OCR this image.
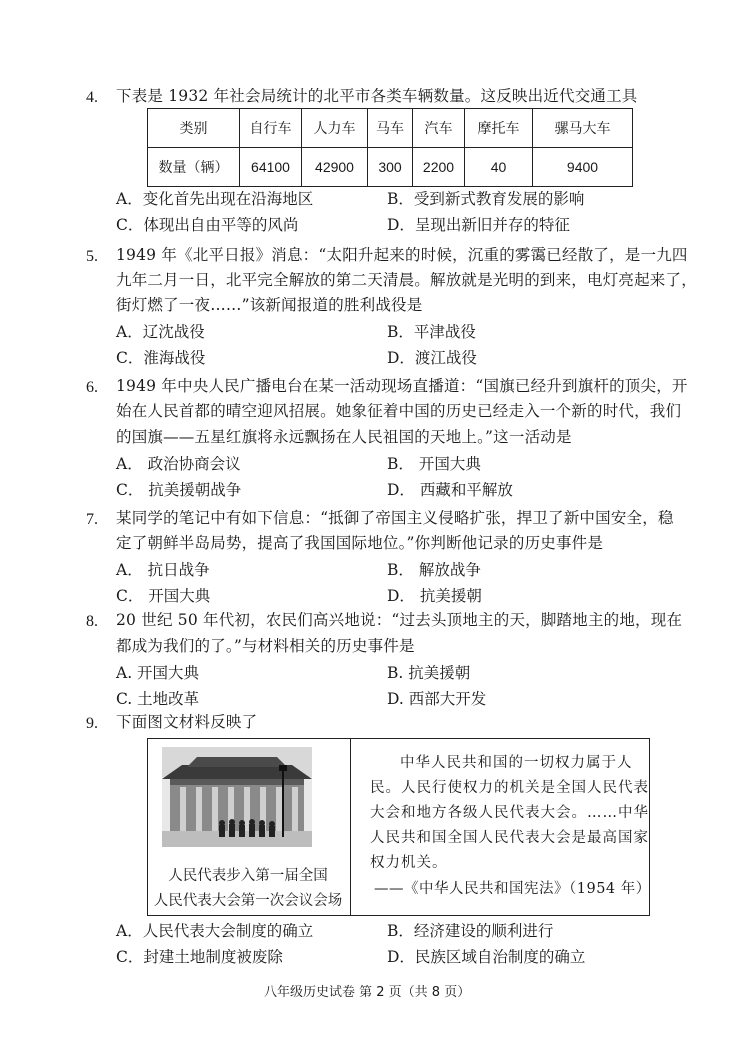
4. 下表是 1932 年社会局统计的北平市各类车辆数量。这反映出近代交通工具
类别	自行车	人力车	马车	汽车	摩托车	骡马大车
数量（辆）	64100	42900	300	2200	40	9400
A．变化首先出现在沿海地区	B．受到新式教育发展的影响
C．体现出自由平等的风尚	D．呈现出新旧并存的特征
5. 1949 年《北平日报》消息：“太阳升起来的时候，沉重的雾霭已经散了，是一九四
九年二月一日，北平完全解放的第二天清晨。解放就是光明的到来，电灯亮起来了，
街灯燃了一夜……”该新闻报道的胜利战役是
A．辽沈战役	B．平津战役
C．淮海战役	D．渡江战役
6. 1949 年中央人民广播电台在某一活动现场直播道：“国旗已经升到旗杆的顶尖，开
始在人民首都的晴空迎风招展。她象征着中国的历史已经走入一个新的时代，我们
的国旗——五星红旗将永远飘扬在人民祖国的天地上。”这一活动是
A． 政治协商会议	B． 开国大典
C． 抗美援朝战争	D． 西藏和平解放
7. 某同学的笔记中有如下信息：“抵御了帝国主义侵略扩张，捍卫了新中国安全，稳
定了朝鲜半岛局势，提高了我国国际地位。”你判断他记录的历史事件是
A． 抗日战争	B． 解放战争
C． 开国大典	D． 抗美援朝
8. 20 世纪 50 年代初，农民们高兴地说：“过去头顶地主的天，脚踏地主的地，现在
都成为我们的了。”与材料相关的历史事件是
A. 开国大典	B. 抗美援朝
C. 土地改革	D. 西部大开发
9. 下面图文材料反映了
人民代表步入第一届全国
人民代表大会第一次会议会场
中华人民共和国的一切权力属于人
民。人民行使权力的机关是全国人民代表
大会和地方各级人民代表大会。……中华
人民共和国全国人民代表大会是最高国家
权力机关。
——《中华人民共和国宪法》（1954 年）
A．人民代表大会制度的确立	B．经济建设的顺利进行
C．封建土地制度被废除	D．民族区域自治制度的确立
八年级历史试卷 第 2 页（共 8 页）
